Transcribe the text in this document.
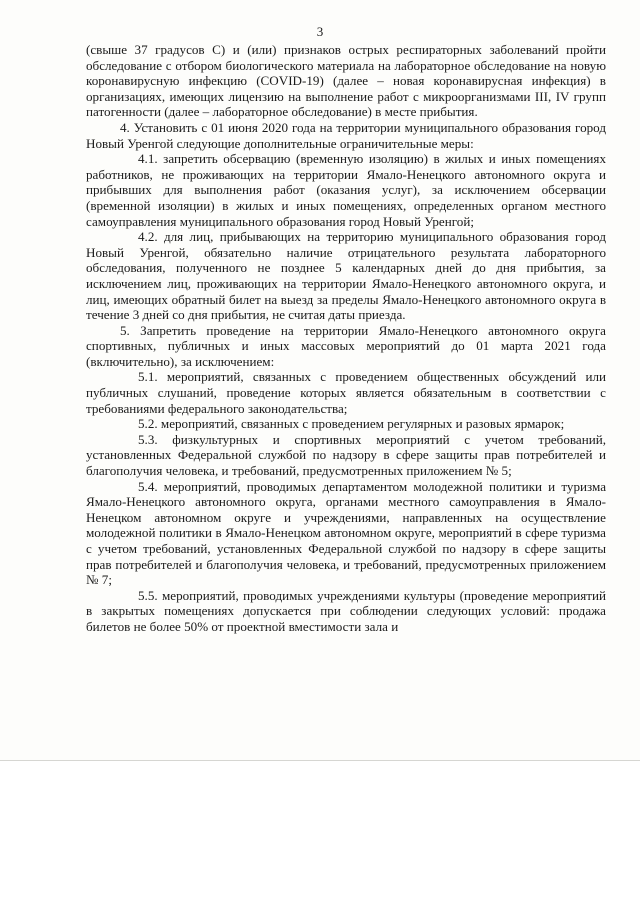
3

(свыше 37 градусов С) и (или) признаков острых респираторных заболеваний пройти обследование с отбором биологического материала на лабораторное обследование на новую коронавирусную инфекцию (COVID-19) (далее – новая коронавирусная инфекция) в организациях, имеющих лицензию на выполнение работ с микроорганизмами III, IV групп патогенности (далее – лабораторное обследование) в месте прибытия.

4. Установить с 01 июня 2020 года на территории муниципального образования город Новый Уренгой следующие дополнительные ограничительные меры:

4.1. запретить обсервацию (временную изоляцию) в жилых и иных помещениях работников, не проживающих на территории Ямало-Ненецкого автономного округа и прибывших для выполнения работ (оказания услуг), за исключением обсервации (временной изоляции) в жилых и иных помещениях, определенных органом местного самоуправления муниципального образования город Новый Уренгой;

4.2. для лиц, прибывающих на территорию муниципального образования город Новый Уренгой, обязательно наличие отрицательного результата лабораторного обследования, полученного не позднее 5 календарных дней до дня прибытия, за исключением лиц, проживающих на территории Ямало-Ненецкого автономного округа, и лиц, имеющих обратный билет на выезд за пределы Ямало-Ненецкого автономного округа в течение 3 дней со дня прибытия, не считая даты приезда.

5. Запретить проведение на территории Ямало-Ненецкого автономного округа спортивных, публичных и иных массовых мероприятий до 01 марта 2021 года (включительно), за исключением:

5.1. мероприятий, связанных с проведением общественных обсуждений или публичных слушаний, проведение которых является обязательным в соответствии с требованиями федерального законодательства;

5.2. мероприятий, связанных с проведением регулярных и разовых ярмарок;

5.3. физкультурных и спортивных мероприятий с учетом требований, установленных Федеральной службой по надзору в сфере защиты прав потребителей и благополучия человека, и требований, предусмотренных приложением № 5;

5.4. мероприятий, проводимых департаментом молодежной политики и туризма Ямало-Ненецкого автономного округа, органами местного самоуправления в Ямало-Ненецком автономном округе и учреждениями, направленных на осуществление молодежной политики в Ямало-Ненецком автономном округе, мероприятий в сфере туризма с учетом требований, установленных Федеральной службой по надзору в сфере защиты прав потребителей и благополучия человека, и требований, предусмотренных приложением № 7;

5.5. мероприятий, проводимых учреждениями культуры (проведение мероприятий в закрытых помещениях допускается при соблюдении следующих условий: продажа билетов не более 50% от проектной вместимости зала и
